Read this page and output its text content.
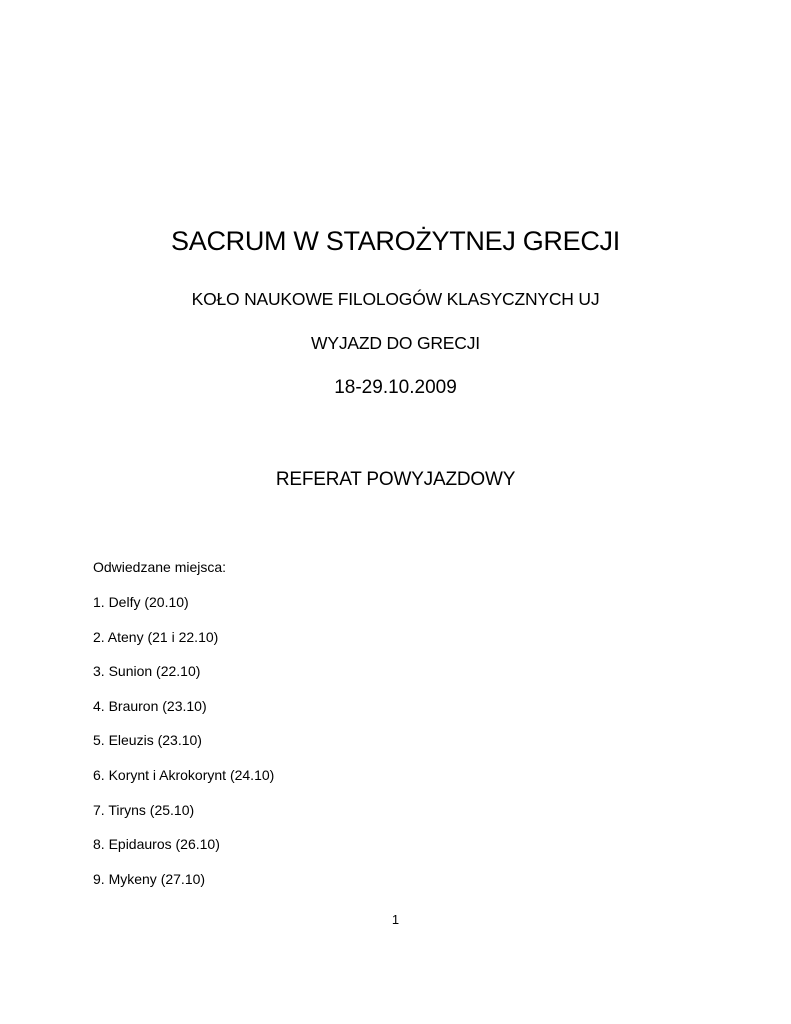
SACRUM W STAROŻYTNEJ GRECJI
KOŁO NAUKOWE FILOLOGÓW KLASYCZNYCH UJ
WYJAZD DO GRECJI
18-29.10.2009
REFERAT POWYJAZDOWY
Odwiedzane miejsca:
1. Delfy (20.10)
2. Ateny (21 i 22.10)
3. Sunion (22.10)
4. Brauron (23.10)
5. Eleuzis (23.10)
6. Korynt i Akrokorynt (24.10)
7. Tiryns (25.10)
8. Epidauros (26.10)
9. Mykeny (27.10)
1
